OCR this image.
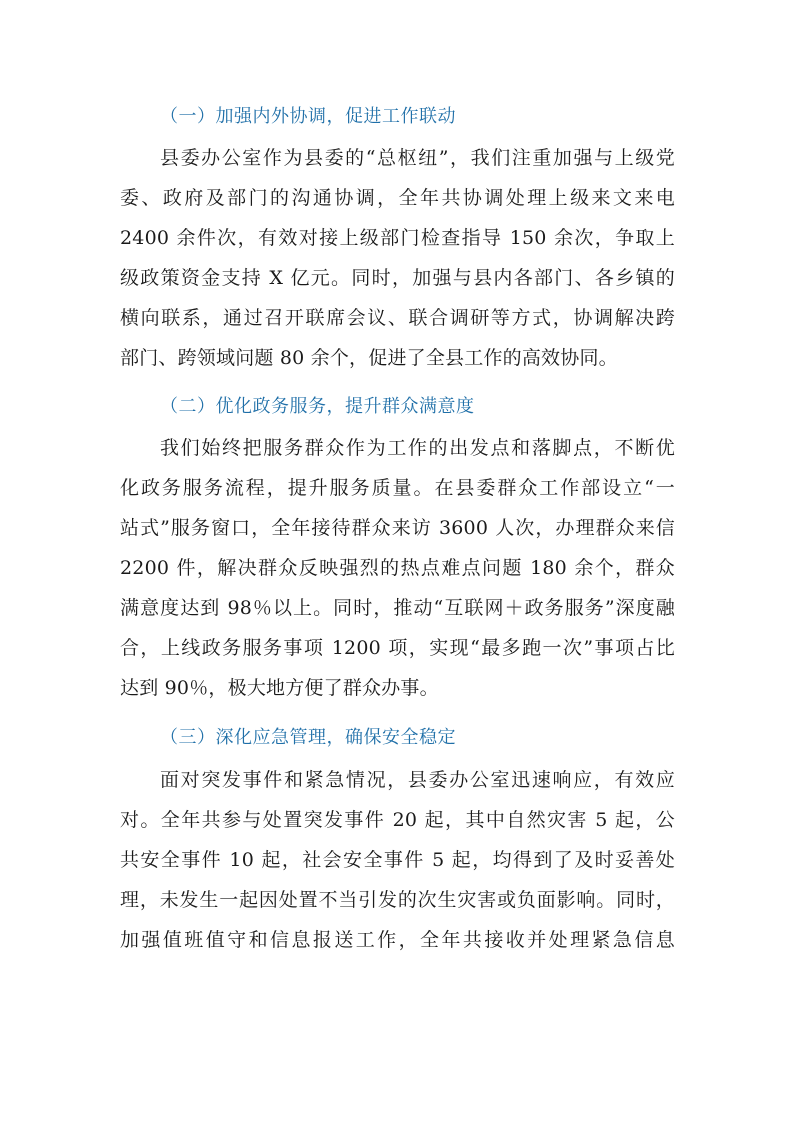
（一）加强内外协调，促进工作联动
县委办公室作为县委的“总枢纽”，我们注重加强与上级党
委、政府及部门的沟通协调，全年共协调处理上级来文来电
2400 余件次，有效对接上级部门检查指导 150 余次，争取上
级政策资金支持 X 亿元。同时，加强与县内各部门、各乡镇的
横向联系，通过召开联席会议、联合调研等方式，协调解决跨
部门、跨领域问题 80 余个，促进了全县工作的高效协同。
（二）优化政务服务，提升群众满意度
我们始终把服务群众作为工作的出发点和落脚点，不断优
化政务服务流程，提升服务质量。在县委群众工作部设立“一
站式”服务窗口，全年接待群众来访 3600 人次，办理群众来信
2200 件，解决群众反映强烈的热点难点问题 180 余个，群众
满意度达到 98％以上。同时，推动“互联网＋政务服务”深度融
合，上线政务服务事项 1200 项，实现“最多跑一次”事项占比
达到 90％，极大地方便了群众办事。
（三）深化应急管理，确保安全稳定
面对突发事件和紧急情况，县委办公室迅速响应，有效应
对。全年共参与处置突发事件 20 起，其中自然灾害 5 起，公
共安全事件 10 起，社会安全事件 5 起，均得到了及时妥善处
理，未发生一起因处置不当引发的次生灾害或负面影响。同时，
加强值班值守和信息报送工作，全年共接收并处理紧急信息
